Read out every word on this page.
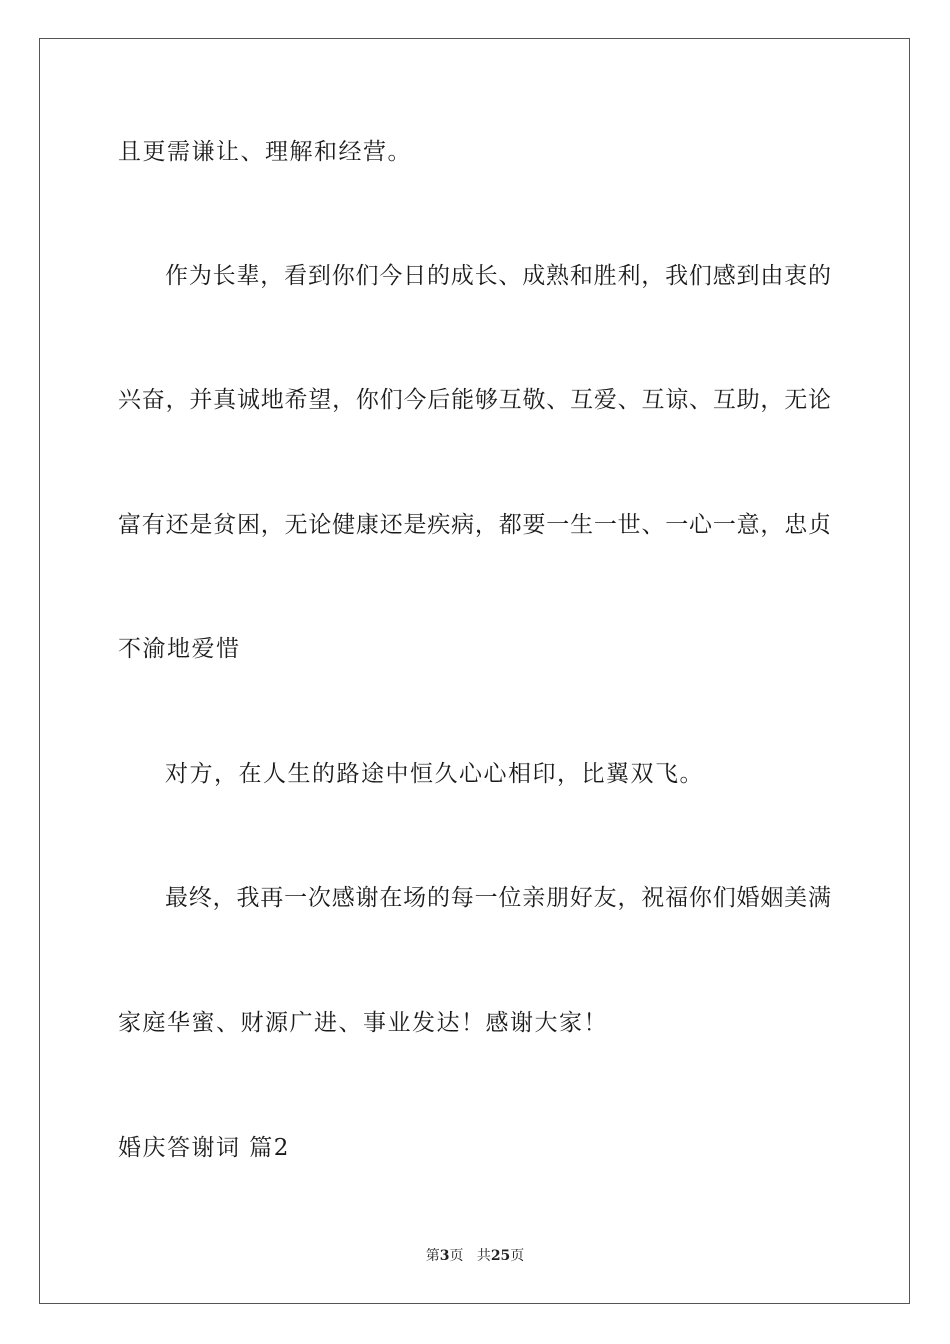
且更需谦让、理解和经营。
作为长辈，看到你们今日的成长、成熟和胜利，我们感到由衷的
兴奋，并真诚地希望，你们今后能够互敬、互爱、互谅、互助，无论
富有还是贫困，无论健康还是疾病，都要一生一世、一心一意，忠贞
不渝地爱惜
对方，在人生的路途中恒久心心相印，比翼双飞。
最终，我再一次感谢在场的每一位亲朋好友，祝福你们婚姻美满
家庭华蜜、财源广进、事业发达！感谢大家！
婚庆答谢词 篇2
第3页 共25页
